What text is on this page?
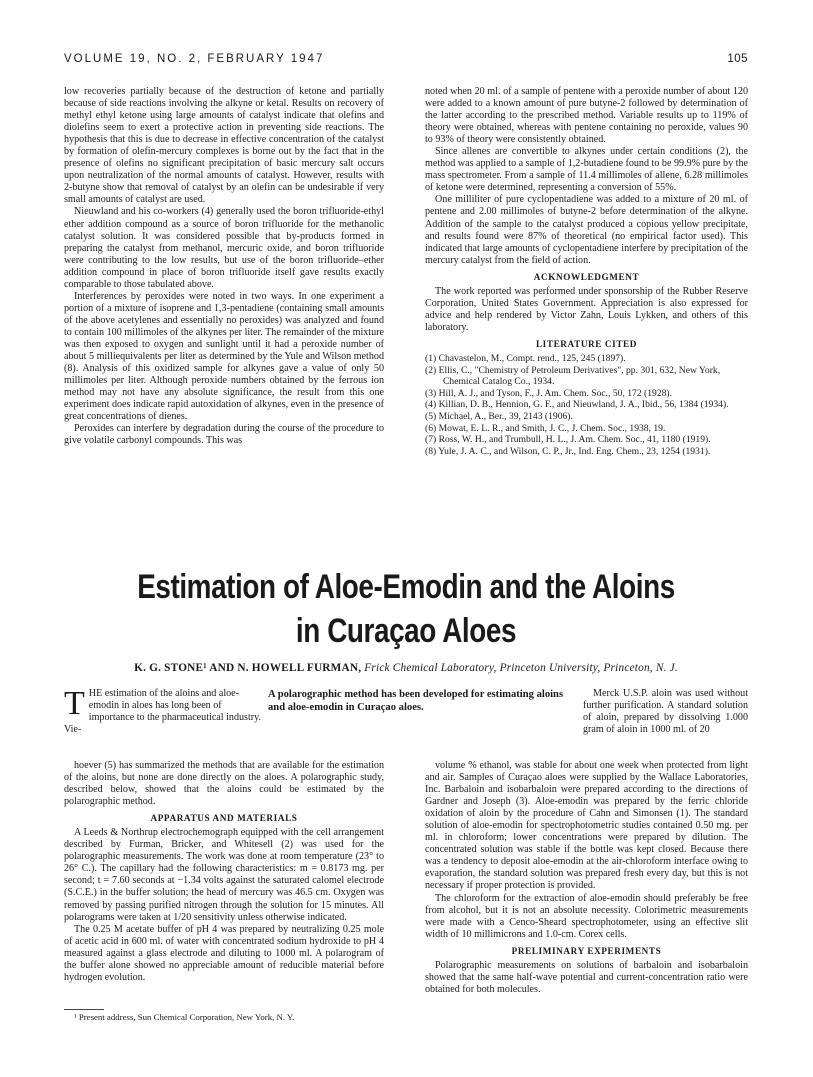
VOLUME 19, NO. 2, FEBRUARY 1947	105

low recoveries partially because of the destruction of ketone and partially because of side reactions involving the alkyne or ketal. Results on recovery of methyl ethyl ketone using large amounts of catalyst indicate that olefins and diolefins seem to exert a protective action in preventing side reactions. The hypothesis that this is due to decrease in effective concentration of the catalyst by formation of olefin-mercury complexes is borne out by the fact that in the presence of olefins no significant precipitation of basic mercury salt occurs upon neutralization of the normal amounts of catalyst. However, results with 2-butyne show that removal of catalyst by an olefin can be undesirable if very small amounts of catalyst are used.

Nieuwland and his co-workers (4) generally used the boron trifluoride-ethyl ether addition compound as a source of boron trifluoride for the methanolic catalyst solution. It was considered possible that by-products formed in preparing the catalyst from methanol, mercuric oxide, and boron trifluoride were contributing to the low results, but use of the boron trifluoride–ether addition compound in place of boron trifluoride itself gave results exactly comparable to those tabulated above.

Interferences by peroxides were noted in two ways. In one experiment a portion of a mixture of isoprene and 1,3-pentadiene (containing small amounts of the above acetylenes and essentially no peroxides) was analyzed and found to contain 100 millimoles of the alkynes per liter. The remainder of the mixture was then exposed to oxygen and sunlight until it had a peroxide number of about 5 milliequivalents per liter as determined by the Yule and Wilson method (8). Analysis of this oxidized sample for alkynes gave a value of only 50 millimoles per liter. Although peroxide numbers obtained by the ferrous ion method may not have any absolute significance, the result from this one experiment does indicate rapid autoxidation of alkynes, even in the presence of great concentrations of dienes.

Peroxides can interfere by degradation during the course of the procedure to give volatile carbonyl compounds. This was

noted when 20 ml. of a sample of pentene with a peroxide number of about 120 were added to a known amount of pure butyne-2 followed by determination of the latter according to the prescribed method. Variable results up to 119% of theory were obtained, whereas with pentene containing no peroxide, values 90 to 93% of theory were consistently obtained.

Since allenes are convertible to alkynes under certain conditions (2), the method was applied to a sample of 1,2-butadiene found to be 99.9% pure by the mass spectrometer. From a sample of 11.4 millimoles of allene, 6.28 millimoles of ketone were determined, representing a conversion of 55%.

One milliliter of pure cyclopentadiene was added to a mixture of 20 ml. of pentene and 2.00 millimoles of butyne-2 before determination of the alkyne. Addition of the sample to the catalyst produced a copious yellow precipitate, and results found were 87% of theoretical (no empirical factor used). This indicated that large amounts of cyclopentadiene interfere by precipitation of the mercury catalyst from the field of action.

ACKNOWLEDGMENT

The work reported was performed under sponsorship of the Rubber Reserve Corporation, United States Government. Appreciation is also expressed for advice and help rendered by Victor Zahn, Louis Lykken, and others of this laboratory.

LITERATURE CITED
(1) Chavastelon, M., Compt. rend., 125, 245 (1897).
(2) Ellis, C., "Chemistry of Petroleum Derivatives", pp. 301, 632, New York, Chemical Catalog Co., 1934.
(3) Hill, A. J., and Tyson, F., J. Am. Chem. Soc., 50, 172 (1928).
(4) Killian, D. B., Hennion, G. F., and Nieuwland, J. A., Ibid., 56, 1384 (1934).
(5) Michael, A., Ber., 39, 2143 (1906).
(6) Mowat, E. L. R., and Smith, J. C., J. Chem. Soc., 1938, 19.
(7) Ross, W. H., and Trumbull, H. L., J. Am. Chem. Soc., 41, 1180 (1919).
(8) Yule, J. A. C., and Wilson, C. P., Jr., Ind. Eng. Chem., 23, 1254 (1931).
Estimation of Aloe-Emodin and the Aloins
in Curaçao Aloes
K. G. STONE¹ AND N. HOWELL FURMAN, Frick Chemical Laboratory, Princeton University, Princeton, N. J.
T HE estimation of the aloins and aloe-emodin in aloes has long been of importance to the pharmaceutical industry. Vie-
A polarographic method has been developed for estimating aloins and aloe-emodin in Curaçao aloes.

Merck U.S.P. aloin was used without further purification. A standard solution of aloin, prepared by dissolving 1.000 gram of aloin in 1000 ml. of 20

hoever (5) has summarized the methods that are available for the estimation of the aloins, but none are done directly on the aloes. A polarographic study, described below, showed that the aloins could be estimated by the polarographic method.

APPARATUS AND MATERIALS

A Leeds & Northrup electrochemograph equipped with the cell arrangement described by Furman, Bricker, and Whitesell (2) was used for the polarographic measurements. The work was done at room temperature (23° to 26° C.). The capillary had the following characteristics: m = 0.8173 mg. per second; t = 7.60 seconds at −1.34 volts against the saturated calomel electrode (S.C.E.) in the buffer solution; the head of mercury was 46.5 cm. Oxygen was removed by passing purified nitrogen through the solution for 15 minutes. All polarograms were taken at 1/20 sensitivity unless otherwise indicated.

The 0.25 M acetate buffer of pH 4 was prepared by neutralizing 0.25 mole of acetic acid in 600 ml. of water with concentrated sodium hydroxide to pH 4 measured against a glass electrode and diluting to 1000 ml. A polarogram of the buffer alone showed no appreciable amount of reducible material before hydrogen evolution.

volume % ethanol, was stable for about one week when protected from light and air. Samples of Curaçao aloes were supplied by the Wallace Laboratories, Inc. Barbaloin and isobarbaloin were prepared according to the directions of Gardner and Joseph (3). Aloe-emodin was prepared by the ferric chloride oxidation of aloin by the procedure of Cahn and Simonsen (1). The standard solution of aloe-emodin for spectrophotometric studies contained 0.50 mg. per ml. in chloroform; lower concentrations were prepared by dilution. The concentrated solution was stable if the bottle was kept closed. Because there was a tendency to deposit aloe-emodin at the air-chloroform interface owing to evaporation, the standard solution was prepared fresh every day, but this is not necessary if proper protection is provided.

The chloroform for the extraction of aloe-emodin should preferably be free from alcohol, but it is not an absolute necessity. Colorimetric measurements were made with a Cenco-Sheard spectrophotometer, using an effective slit width of 10 millimicrons and 1.0-cm. Corex cells.

PRELIMINARY EXPERIMENTS

Polarographic measurements on solutions of barbaloin and isobarbaloin showed that the same half-wave potential and current-concentration ratio were obtained for both molecules.

¹ Present address, Sun Chemical Corporation, New York, N. Y.
